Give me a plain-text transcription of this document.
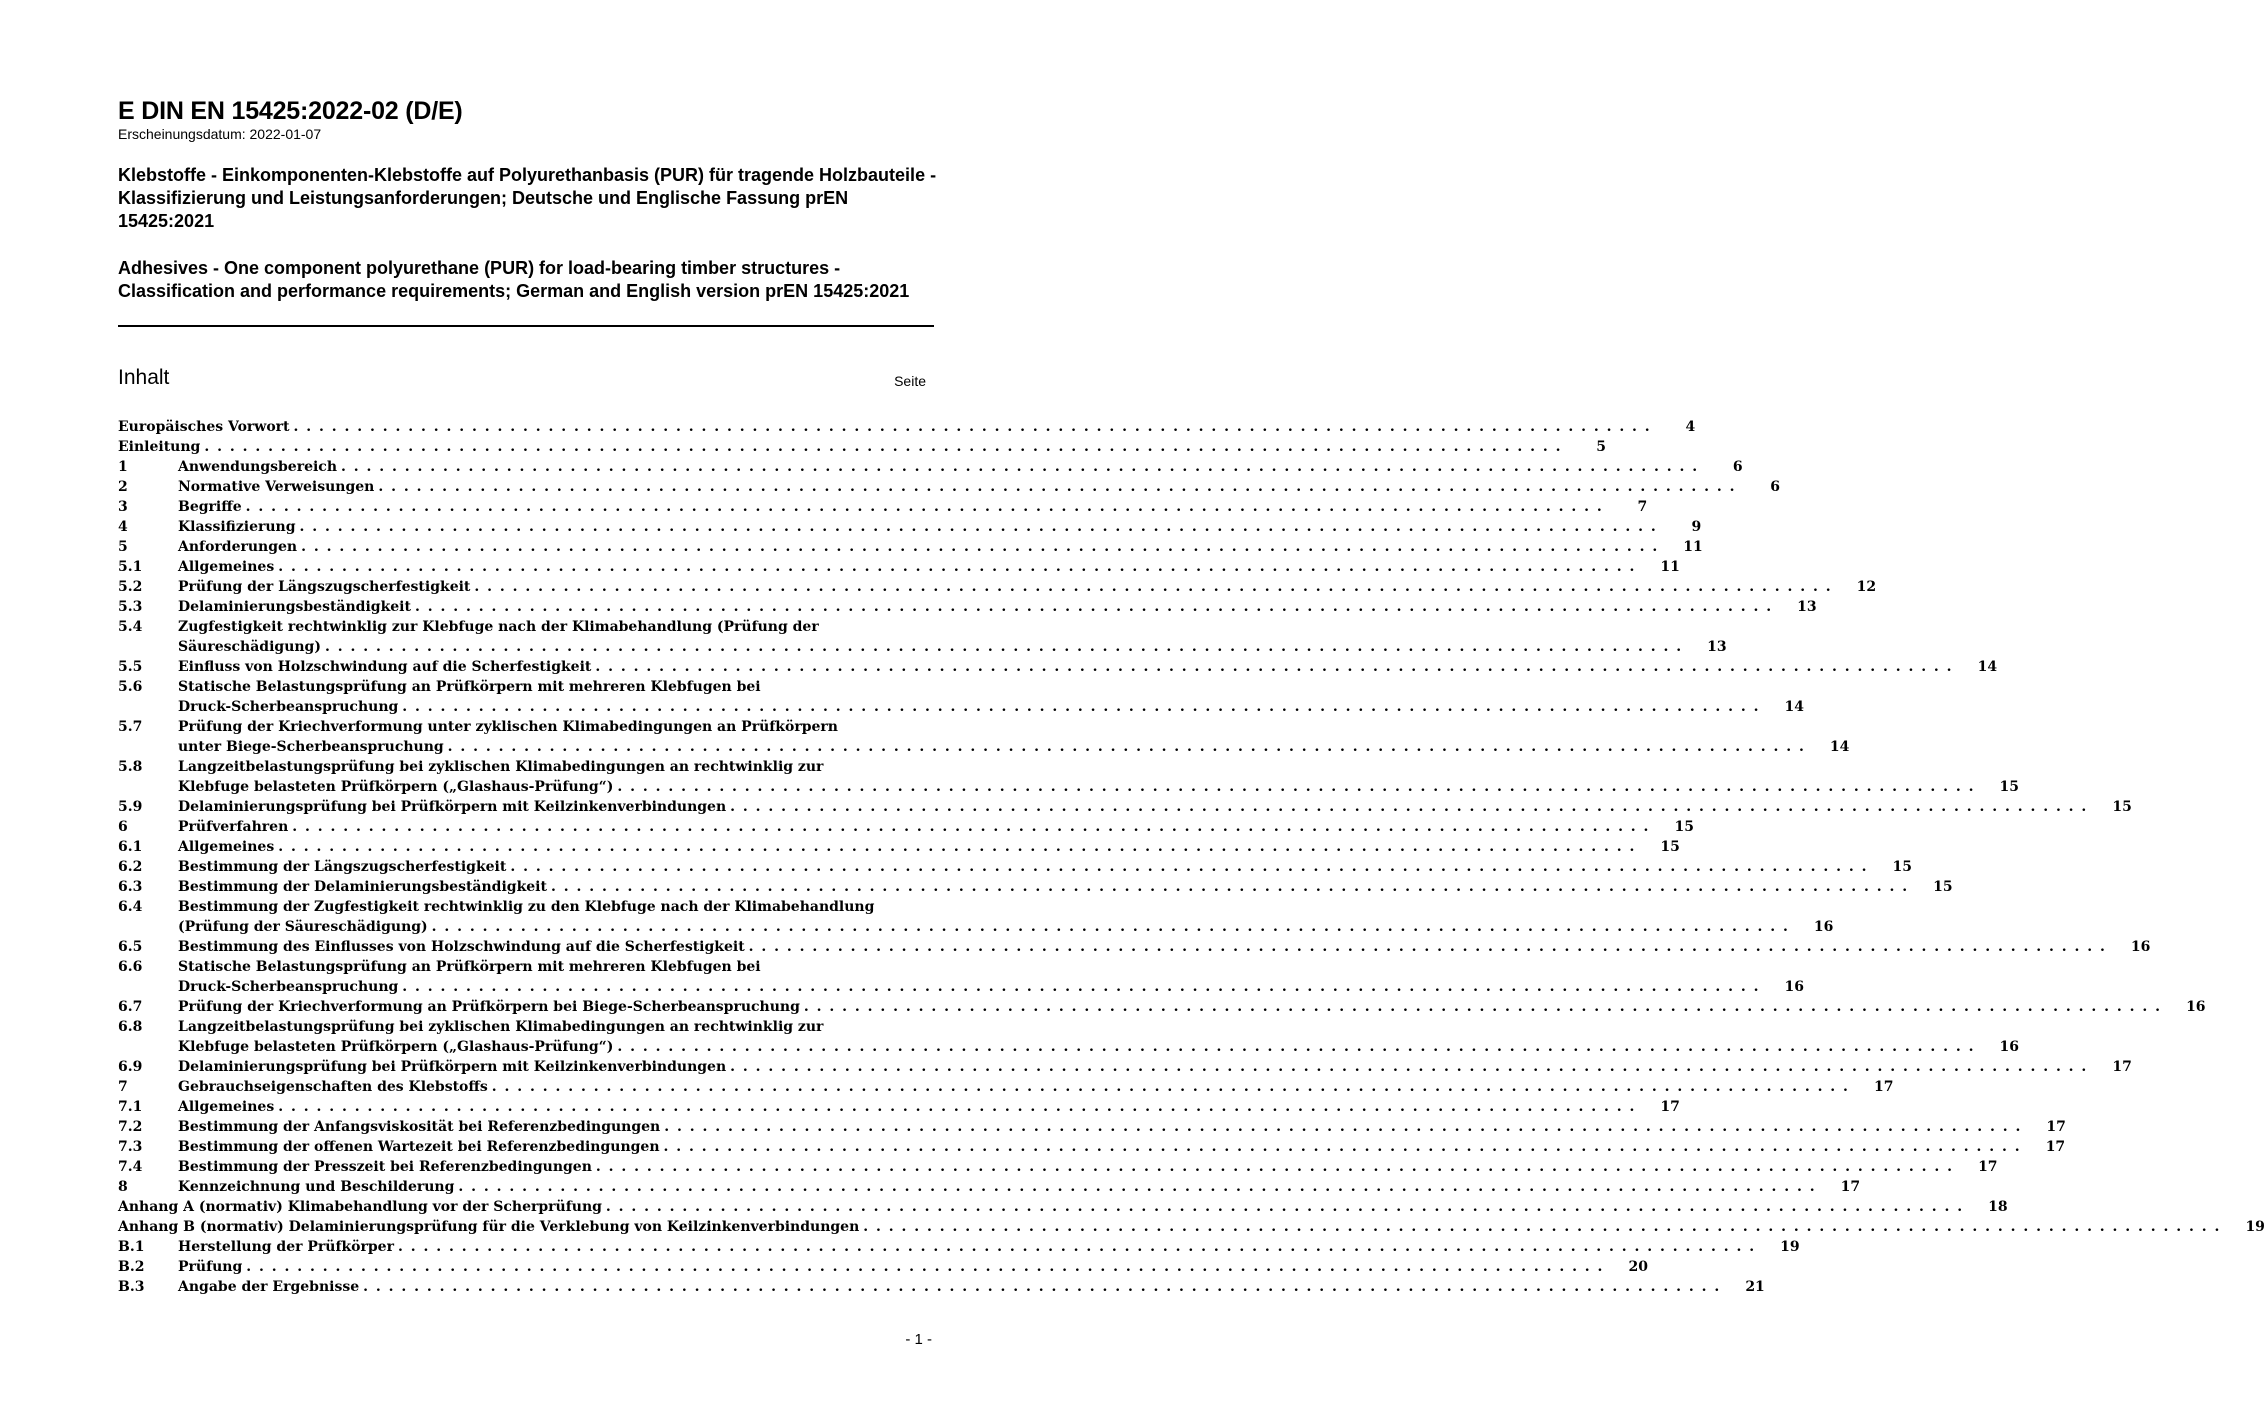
E DIN EN 15425:2022-02 (D/E)
Erscheinungsdatum: 2022-01-07
Klebstoffe - Einkomponenten-Klebstoffe auf Polyurethanbasis (PUR) für tragende Holzbauteile - Klassifizierung und Leistungsanforderungen; Deutsche und Englische Fassung prEN 15425:2021
Adhesives - One component polyurethane (PUR) for load-bearing timber structures - Classification and performance requirements; German and English version prEN 15425:2021
Inhalt	Seite
Europäisches Vorwort . . .	4
Einleitung . . .	5
1	Anwendungsbereich . . .	6
2	Normative Verweisungen . . .	6
3	Begriffe . . .	7
4	Klassifizierung . . .	9
5	Anforderungen . . .	11
5.1	Allgemeines . . .	11
5.2	Prüfung der Längszugscherfestigkeit . . .	12
5.3	Delaminierungsbeständigkeit . . .	13
5.4	Zugfestigkeit rechtwinklig zur Klebfuge nach der Klimabehandlung (Prüfung der
Säureschädigung) . . .	13
5.5	Einfluss von Holzschwindung auf die Scherfestigkeit . . .	14
5.6	Statische Belastungsprüfung an Prüfkörpern mit mehreren Klebfugen bei
Druck-Scherbeanspruchung . . .	14
5.7	Prüfung der Kriechverformung unter zyklischen Klimabedingungen an Prüfkörpern
unter Biege-Scherbeanspruchung . . .	14
5.8	Langzeitbelastungsprüfung bei zyklischen Klimabedingungen an rechtwinklig zur
Klebfuge belasteten Prüfkörpern („Glashaus-Prüfung“) . . .	15
5.9	Delaminierungsprüfung bei Prüfkörpern mit Keilzinkenverbindungen . . .	15
6	Prüfverfahren . . .	15
6.1	Allgemeines . . .	15
6.2	Bestimmung der Längszugscherfestigkeit . . .	15
6.3	Bestimmung der Delaminierungsbeständigkeit . . .	15
6.4	Bestimmung der Zugfestigkeit rechtwinklig zu den Klebfuge nach der Klimabehandlung
(Prüfung der Säureschädigung) . . .	16
6.5	Bestimmung des Einflusses von Holzschwindung auf die Scherfestigkeit . . .	16
6.6	Statische Belastungsprüfung an Prüfkörpern mit mehreren Klebfugen bei
Druck-Scherbeanspruchung . . .	16
6.7	Prüfung der Kriechverformung an Prüfkörpern bei Biege-Scherbeanspruchung . . .	16
6.8	Langzeitbelastungsprüfung bei zyklischen Klimabedingungen an rechtwinklig zur
Klebfuge belasteten Prüfkörpern („Glashaus-Prüfung“) . . .	16
6.9	Delaminierungsprüfung bei Prüfkörpern mit Keilzinkenverbindungen . . .	17
7	Gebrauchseigenschaften des Klebstoffs . . .	17
7.1	Allgemeines . . .	17
7.2	Bestimmung der Anfangsviskosität bei Referenzbedingungen . . .	17
7.3	Bestimmung der offenen Wartezeit bei Referenzbedingungen . . .	17
7.4	Bestimmung der Presszeit bei Referenzbedingungen . . .	17
8	Kennzeichnung und Beschilderung . . .	17
Anhang A (normativ) Klimabehandlung vor der Scherprüfung . . .	18
Anhang B (normativ) Delaminierungsprüfung für die Verklebung von Keilzinkenverbindungen . . .	19
B.1	Herstellung der Prüfkörper . . .	19
B.2	Prüfung . . .	20
B.3	Angabe der Ergebnisse . . .	21
- 1 -
